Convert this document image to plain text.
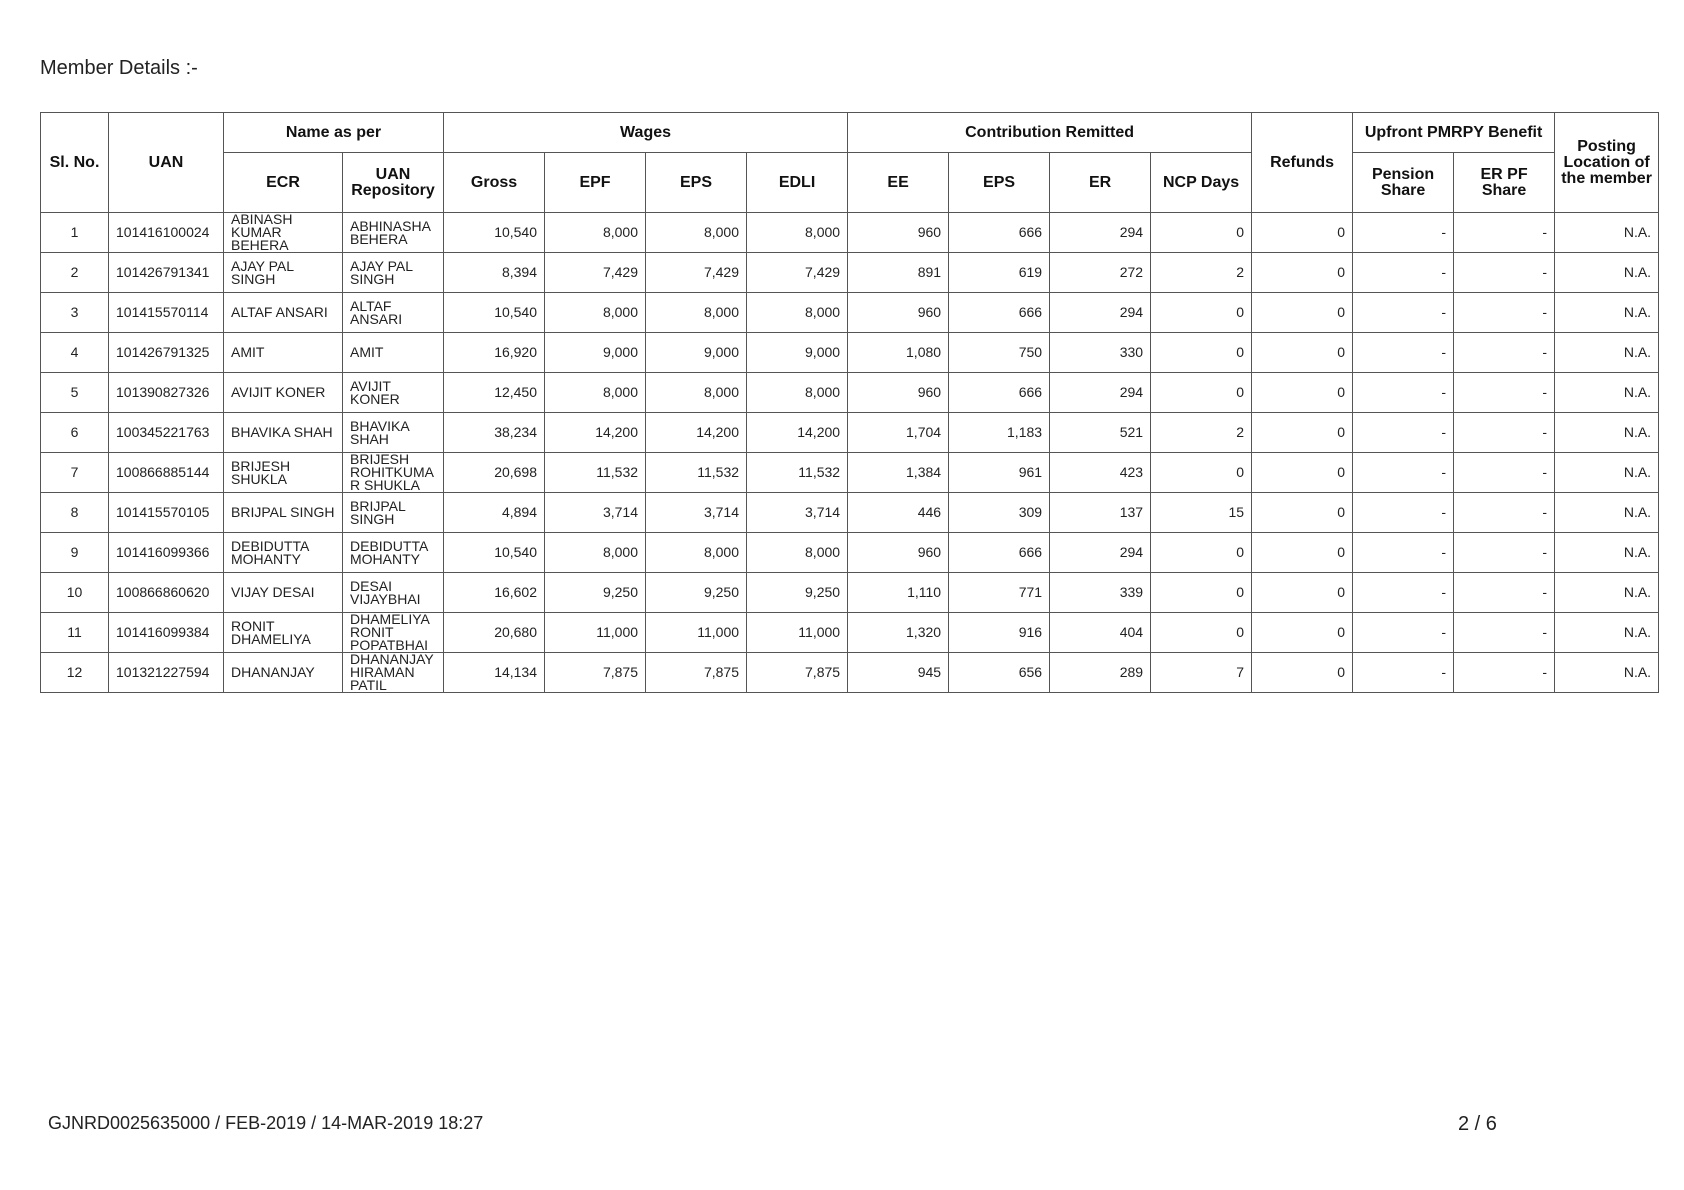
Member Details :-
Sl. No.	UAN	Name as per		Wages				Contribution Remitted				Refunds	Upfront PMRPY Benefit		Posting Location of the member
		ECR	UAN Repository	Gross	EPF	EPS	EDLI	EE	EPS	ER	NCP Days		Pension Share	ER PF Share	
1	101416100024	ABINASH KUMAR BEHERA	ABHINASHA BEHERA	10,540	8,000	8,000	8,000	960	666	294	0	0	-	-	N.A.
2	101426791341	AJAY PAL SINGH	AJAY PAL SINGH	8,394	7,429	7,429	7,429	891	619	272	2	0	-	-	N.A.
3	101415570114	ALTAF ANSARI	ALTAF ANSARI	10,540	8,000	8,000	8,000	960	666	294	0	0	-	-	N.A.
4	101426791325	AMIT	AMIT	16,920	9,000	9,000	9,000	1,080	750	330	0	0	-	-	N.A.
5	101390827326	AVIJIT KONER	AVIJIT KONER	12,450	8,000	8,000	8,000	960	666	294	0	0	-	-	N.A.
6	100345221763	BHAVIKA SHAH	BHAVIKA SHAH	38,234	14,200	14,200	14,200	1,704	1,183	521	2	0	-	-	N.A.
7	100866885144	BRIJESH SHUKLA	BRIJESH ROHITKUMA R SHUKLA	20,698	11,532	11,532	11,532	1,384	961	423	0	0	-	-	N.A.
8	101415570105	BRIJPAL SINGH	BRIJPAL SINGH	4,894	3,714	3,714	3,714	446	309	137	15	0	-	-	N.A.
9	101416099366	DEBIDUTTA MOHANTY	DEBIDUTTA MOHANTY	10,540	8,000	8,000	8,000	960	666	294	0	0	-	-	N.A.
10	100866860620	VIJAY DESAI	DESAI VIJAYBHAI	16,602	9,250	9,250	9,250	1,110	771	339	0	0	-	-	N.A.
11	101416099384	RONIT DHAMELIYA	DHAMELIYA RONIT POPATBHAI	20,680	11,000	11,000	11,000	1,320	916	404	0	0	-	-	N.A.
12	101321227594	DHANANJAY	DHANANJAY HIRAMAN PATIL	14,134	7,875	7,875	7,875	945	656	289	7	0	-	-	N.A.
GJNRD0025635000 / FEB-2019 / 14-MAR-2019 18:27	2 / 6
